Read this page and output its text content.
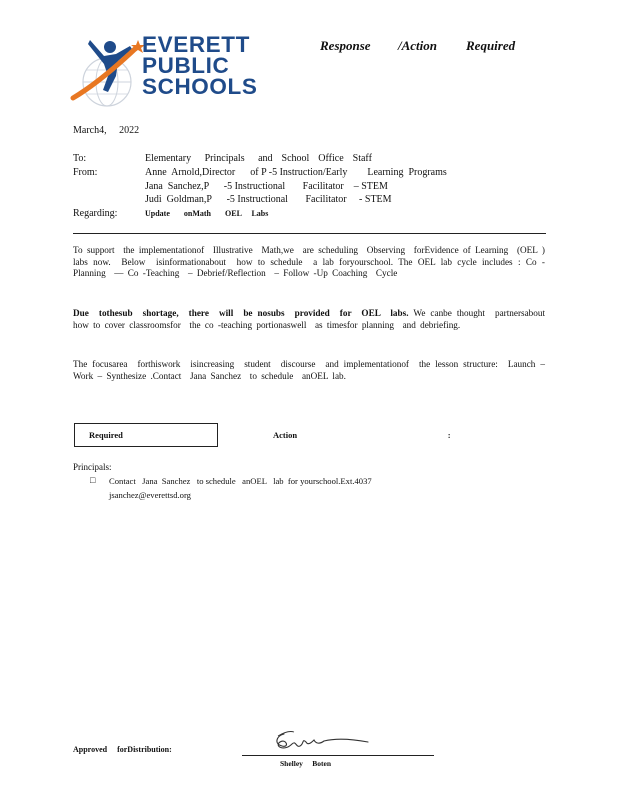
EVERETT
PUBLIC
SCHOOLS
Response /Action Required
March4,     2022
To:	Elementary   Principals   and  School  Office  Staff
From:	Anne  Arnold,Director      of P -5 Instruction/Early        Learning  Programs
Jana  Sanchez,P      -5 Instructional       Facilitator    – STEM
Judi  Goldman,P      -5 Instructional       Facilitator     - STEM
Regarding:	Update       onMath       OEL     Labs
To support  the implementationof  Illustrative  Math,we  are scheduling  Observing  forEvidence of Learning  (OEL ) labs now.  Below  isinformationabout  how to schedule  a lab foryourschool. The OEL lab cycle includes : Co -Planning  — Co -Teaching  – Debrief/Reflection  – Follow -Up Coaching  Cycle
Due  tothesub  shortage,  there  will  be nosubs  provided  for  OEL  labs. We canbe thought  partnersabout  how to cover classroomsfor  the co -teaching portionaswell  as timesfor planning  and debriefing.
The focusarea  forthiswork  isincreasing  student  discourse  and implementationof  the lesson structure:  Launch – Work – Synthesize .Contact  Jana Sanchez  to schedule  anOEL lab.
Required     Action     :
Principals:
□ Contact   Jana  Sanchez   to schedule   anOEL   lab  for yourschool.Ext.4037
jsanchez@everettsd.org
Approved     forDistribution:
Shelley     Boten
